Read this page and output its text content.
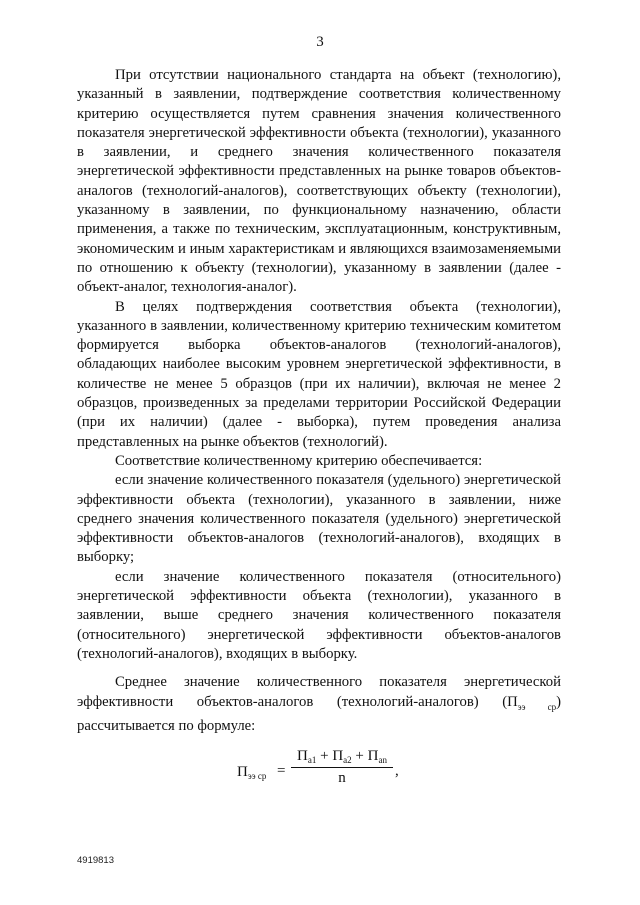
3

При отсутствии национального стандарта на объект (технологию), указанный в заявлении, подтверждение соответствия количественному критерию осуществляется путем сравнения значения количественного показателя энергетической эффективности объекта (технологии), указанного в заявлении, и среднего значения количественного показателя энергетической эффективности представленных на рынке товаров объектов-аналогов (технологий-аналогов), соответствующих объекту (технологии), указанному в заявлении, по функциональному назначению, области применения, а также по техническим, эксплуатационным, конструктивным, экономическим и иным характеристикам и являющихся взаимозаменяемыми по отношению к объекту (технологии), указанному в заявлении (далее - объект-аналог, технология-аналог).

В целях подтверждения соответствия объекта (технологии), указанного в заявлении, количественному критерию техническим комитетом формируется выборка объектов-аналогов (технологий-аналогов), обладающих наиболее высоким уровнем энергетической эффективности, в количестве не менее 5 образцов (при их наличии), включая не менее 2 образцов, произведенных за пределами территории Российской Федерации (при их наличии) (далее - выборка), путем проведения анализа представленных на рынке объектов (технологий).

Соответствие количественному критерию обеспечивается:

если значение количественного показателя (удельного) энергетической эффективности объекта (технологии), указанного в заявлении, ниже среднего значения количественного показателя (удельного) энергетической эффективности объектов-аналогов (технологий-аналогов), входящих в выборку;

если значение количественного показателя (относительного) энергетической эффективности объекта (технологии), указанного в заявлении, выше среднего значения количественного показателя (относительного) энергетической эффективности объектов-аналогов (технологий-аналогов), входящих в выборку.

Среднее значение количественного показателя энергетической эффективности объектов-аналогов (технологий-аналогов) $(П_{ээ ср})$ рассчитывается по формуле:

$П_{ээ ср}$ =
$П_{a1} + П_{a2} + П_{an}$
n	,
4919813
